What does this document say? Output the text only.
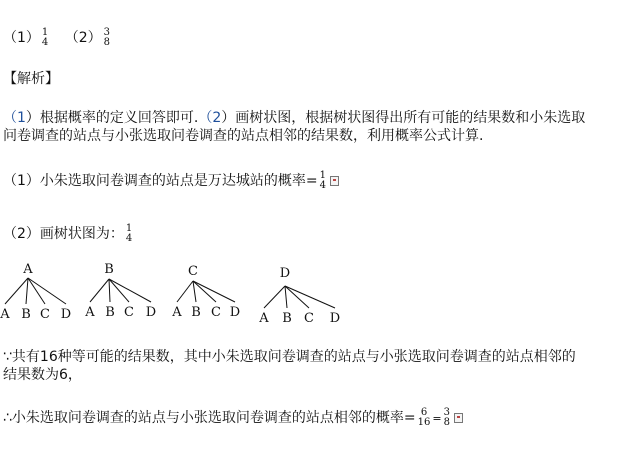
（1） 1
4 （2） 3
8
【解析】
（1）根据概率的定义回答即可.（2）画树状图，根据树状图得出所有可能的结果数和小朱选取
问卷调查的站点与小张选取问卷调查的站点相邻的结果数，利用概率公式计算.
（1）小朱选取问卷调查的站点是万达城站的概率= 1
4
（2）画树状图为： 1
4
A
A B C D
B
A B C D
C
A B C D
D
A B C D
∵共有16种等可能的结果数，其中小朱选取问卷调查的站点与小张选取问卷调查的站点相邻的
结果数为6，
∴小朱选取问卷调查的站点与小张选取问卷调查的站点相邻的概率= 6
16 = 3
8
